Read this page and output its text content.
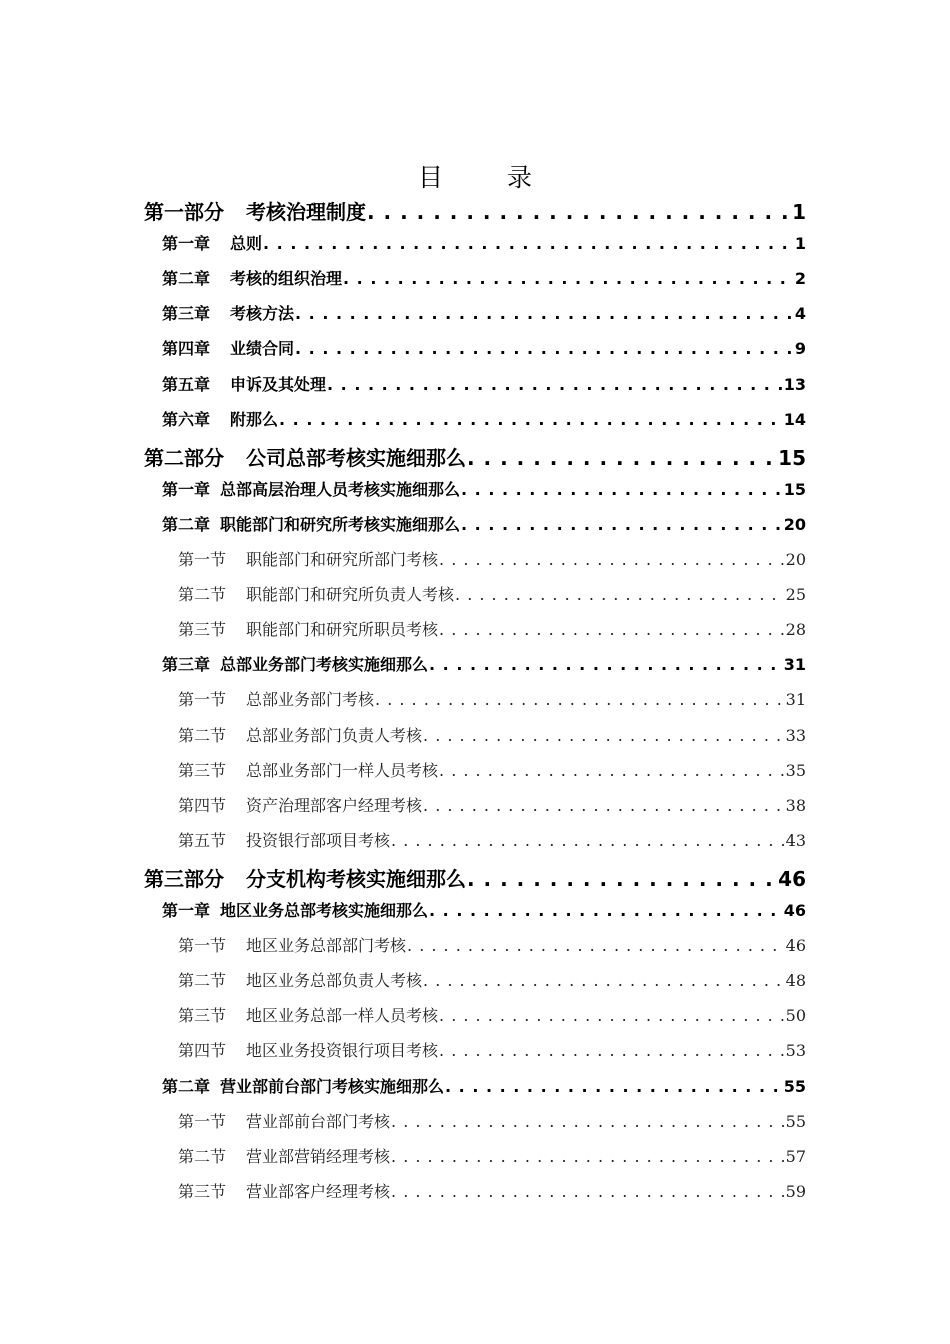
目 录
第一部分 考核治理制度 . . .	1
第一章 总则 . . .	1
第二章 考核的组织治理 . . .	2
第三章 考核方法 . . .	4
第四章 业绩合同 . . .	9
第五章 申诉及其处理 . . .	13
第六章 附那么 . . .	14
第二部分 公司总部考核实施细那么 . . .	15
第一章 总部高层治理人员考核实施细那么 . . .	15
第二章 职能部门和研究所考核实施细那么 . . .	20
第一节 职能部门和研究所部门考核 . . .	20
第二节 职能部门和研究所负责人考核 . . .	25
第三节 职能部门和研究所职员考核 . . .	28
第三章 总部业务部门考核实施细那么 . . .	31
第一节 总部业务部门考核 . . .	31
第二节 总部业务部门负责人考核 . . .	33
第三节 总部业务部门一样人员考核 . . .	35
第四节 资产治理部客户经理考核 . . .	38
第五节 投资银行部项目考核 . . .	43
第三部分 分支机构考核实施细那么 . . .	46
第一章 地区业务总部考核实施细那么 . . .	46
第一节 地区业务总部部门考核 . . .	46
第二节 地区业务总部负责人考核 . . .	48
第三节 地区业务总部一样人员考核 . . .	50
第四节 地区业务投资银行项目考核 . . .	53
第二章 营业部前台部门考核实施细那么 . . .	55
第一节 营业部前台部门考核 . . .	55
第二节 营业部营销经理考核 . . .	57
第三节 营业部客户经理考核 . . .	59
